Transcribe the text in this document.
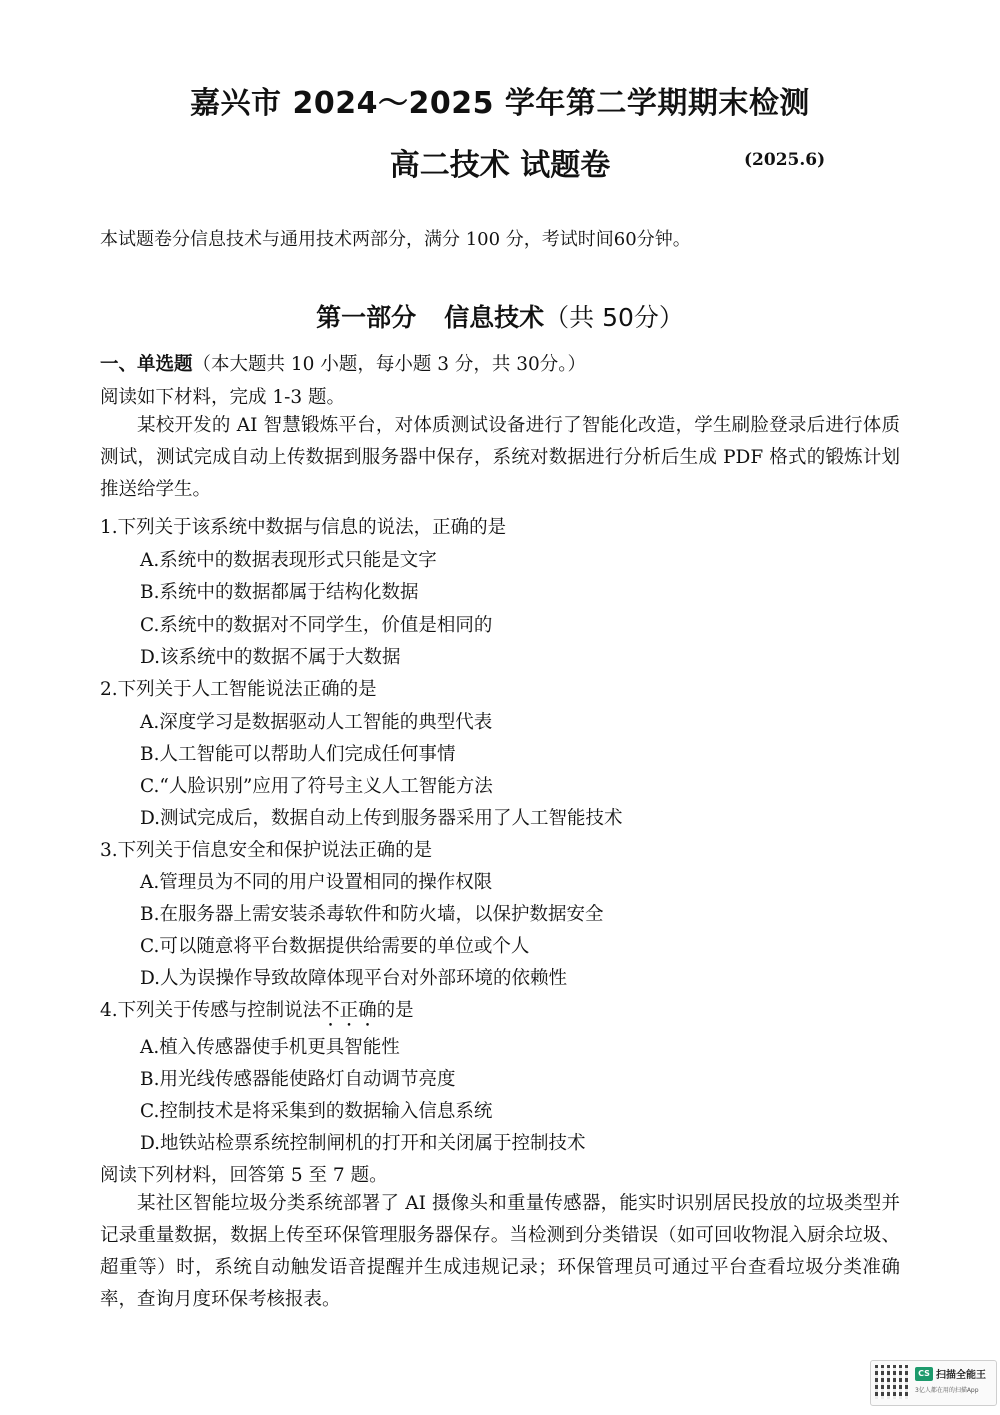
嘉兴市 2024～2025 学年第二学期期末检测
高二技术 试题卷	(2025.6)
本试题卷分信息技术与通用技术两部分，满分 100 分，考试时间60分钟。
第一部分 信息技术（共 50分）
一、单选题（本大题共 10 小题，每小题 3 分，共 30分。）
阅读如下材料，完成 1-3 题。
某校开发的 AI 智慧锻炼平台，对体质测试设备进行了智能化改造，学生刷脸登录后进行体质测试，测试完成自动上传数据到服务器中保存，系统对数据进行分析后生成 PDF 格式的锻炼计划推送给学生。
1.下列关于该系统中数据与信息的说法，正确的是
A.系统中的数据表现形式只能是文字
B.系统中的数据都属于结构化数据
C.系统中的数据对不同学生，价值是相同的
D.该系统中的数据不属于大数据
2.下列关于人工智能说法正确的是
A.深度学习是数据驱动人工智能的典型代表
B.人工智能可以帮助人们完成任何事情
C.“人脸识别”应用了符号主义人工智能方法
D.测试完成后，数据自动上传到服务器采用了人工智能技术
3.下列关于信息安全和保护说法正确的是
A.管理员为不同的用户设置相同的操作权限
B.在服务器上需安装杀毒软件和防火墙，以保护数据安全
C.可以随意将平台数据提供给需要的单位或个人
D.人为误操作导致故障体现平台对外部环境的依赖性
4.下列关于传感与控制说法不正确的是
A.植入传感器使手机更具智能性
B.用光线传感器能使路灯自动调节亮度
C.控制技术是将采集到的数据输入信息系统
D.地铁站检票系统控制闸机的打开和关闭属于控制技术
阅读下列材料，回答第 5 至 7 题。
某社区智能垃圾分类系统部署了 AI 摄像头和重量传感器，能实时识别居民投放的垃圾类型并记录重量数据，数据上传至环保管理服务器保存。当检测到分类错误（如可回收物混入厨余垃圾、超重等）时，系统自动触发语音提醒并生成违规记录；环保管理员可通过平台查看垃圾分类准确率，查询月度环保考核报表。
CS 扫描全能王
3亿人都在用的扫描App
